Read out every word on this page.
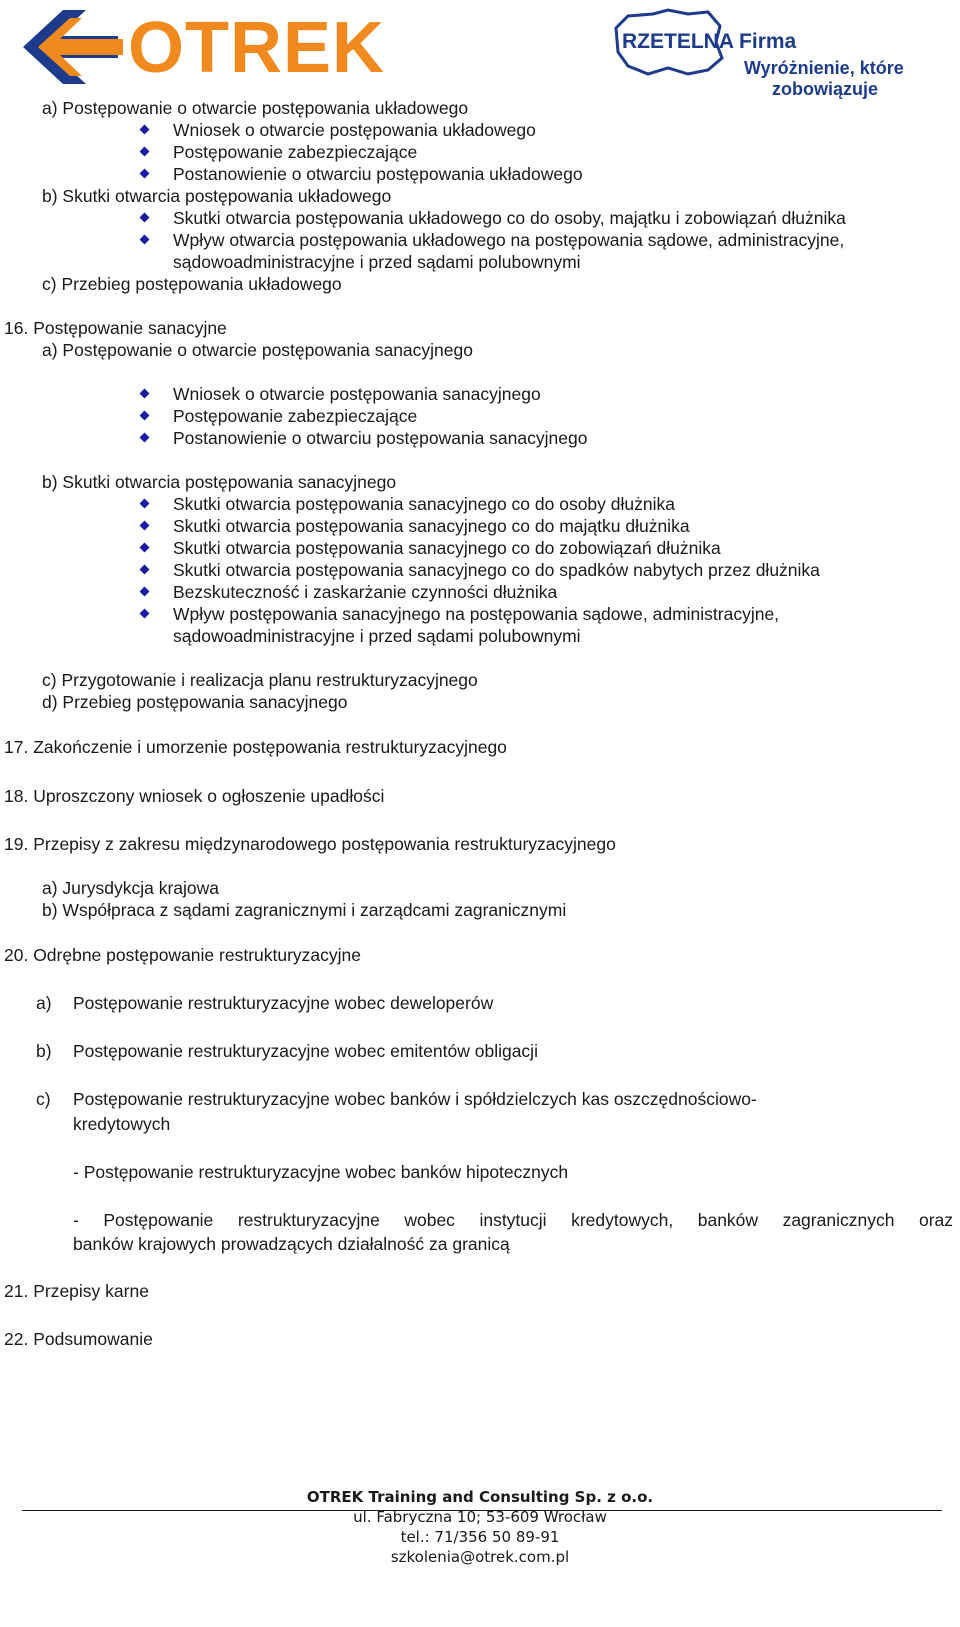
OTREK	RZETELNA Firma
Wyróżnienie, które
zobowiązuje
a) Postępowanie o otwarcie postępowania układowego
Wniosek o otwarcie postępowania układowego
Postępowanie zabezpieczające
Postanowienie o otwarciu postępowania układowego
b) Skutki otwarcia postępowania układowego
Skutki otwarcia postępowania układowego co do osoby, majątku i zobowiązań dłużnika
Wpływ otwarcia postępowania układowego na postępowania sądowe, administracyjne,
sądowoadministracyjne i przed sądami polubownymi
c) Przebieg postępowania układowego
16. Postępowanie sanacyjne
a) Postępowanie o otwarcie postępowania sanacyjnego
Wniosek o otwarcie postępowania sanacyjnego
Postępowanie zabezpieczające
Postanowienie o otwarciu postępowania sanacyjnego
b) Skutki otwarcia postępowania sanacyjnego
Skutki otwarcia postępowania sanacyjnego co do osoby dłużnika
Skutki otwarcia postępowania sanacyjnego co do majątku dłużnika
Skutki otwarcia postępowania sanacyjnego co do zobowiązań dłużnika
Skutki otwarcia postępowania sanacyjnego co do spadków nabytych przez dłużnika
Bezskuteczność i zaskarżanie czynności dłużnika
Wpływ postępowania sanacyjnego na postępowania sądowe, administracyjne,
sądowoadministracyjne i przed sądami polubownymi
c) Przygotowanie i realizacja planu restrukturyzacyjnego
d) Przebieg postępowania sanacyjnego
17. Zakończenie i umorzenie postępowania restrukturyzacyjnego
18. Uproszczony wniosek o ogłoszenie upadłości
19. Przepisy z zakresu międzynarodowego postępowania restrukturyzacyjnego
a) Jurysdykcja krajowa
b) Współpraca z sądami zagranicznymi i zarządcami zagranicznymi
20. Odrębne postępowanie restrukturyzacyjne
a) Postępowanie restrukturyzacyjne wobec deweloperów
b) Postępowanie restrukturyzacyjne wobec emitentów obligacji
c) Postępowanie restrukturyzacyjne wobec banków i spółdzielczych kas oszczędnościowo-
kredytowych
- Postępowanie restrukturyzacyjne wobec banków hipotecznych
- Postępowanie restrukturyzacyjne wobec instytucji kredytowych, banków zagranicznych oraz
banków krajowych prowadzących działalność za granicą
21. Przepisy karne
22. Podsumowanie
OTREK Training and Consulting Sp. z o.o.
ul. Fabryczna 10; 53-609 Wrocław
tel.: 71/356 50 89-91
szkolenia@otrek.com.pl
